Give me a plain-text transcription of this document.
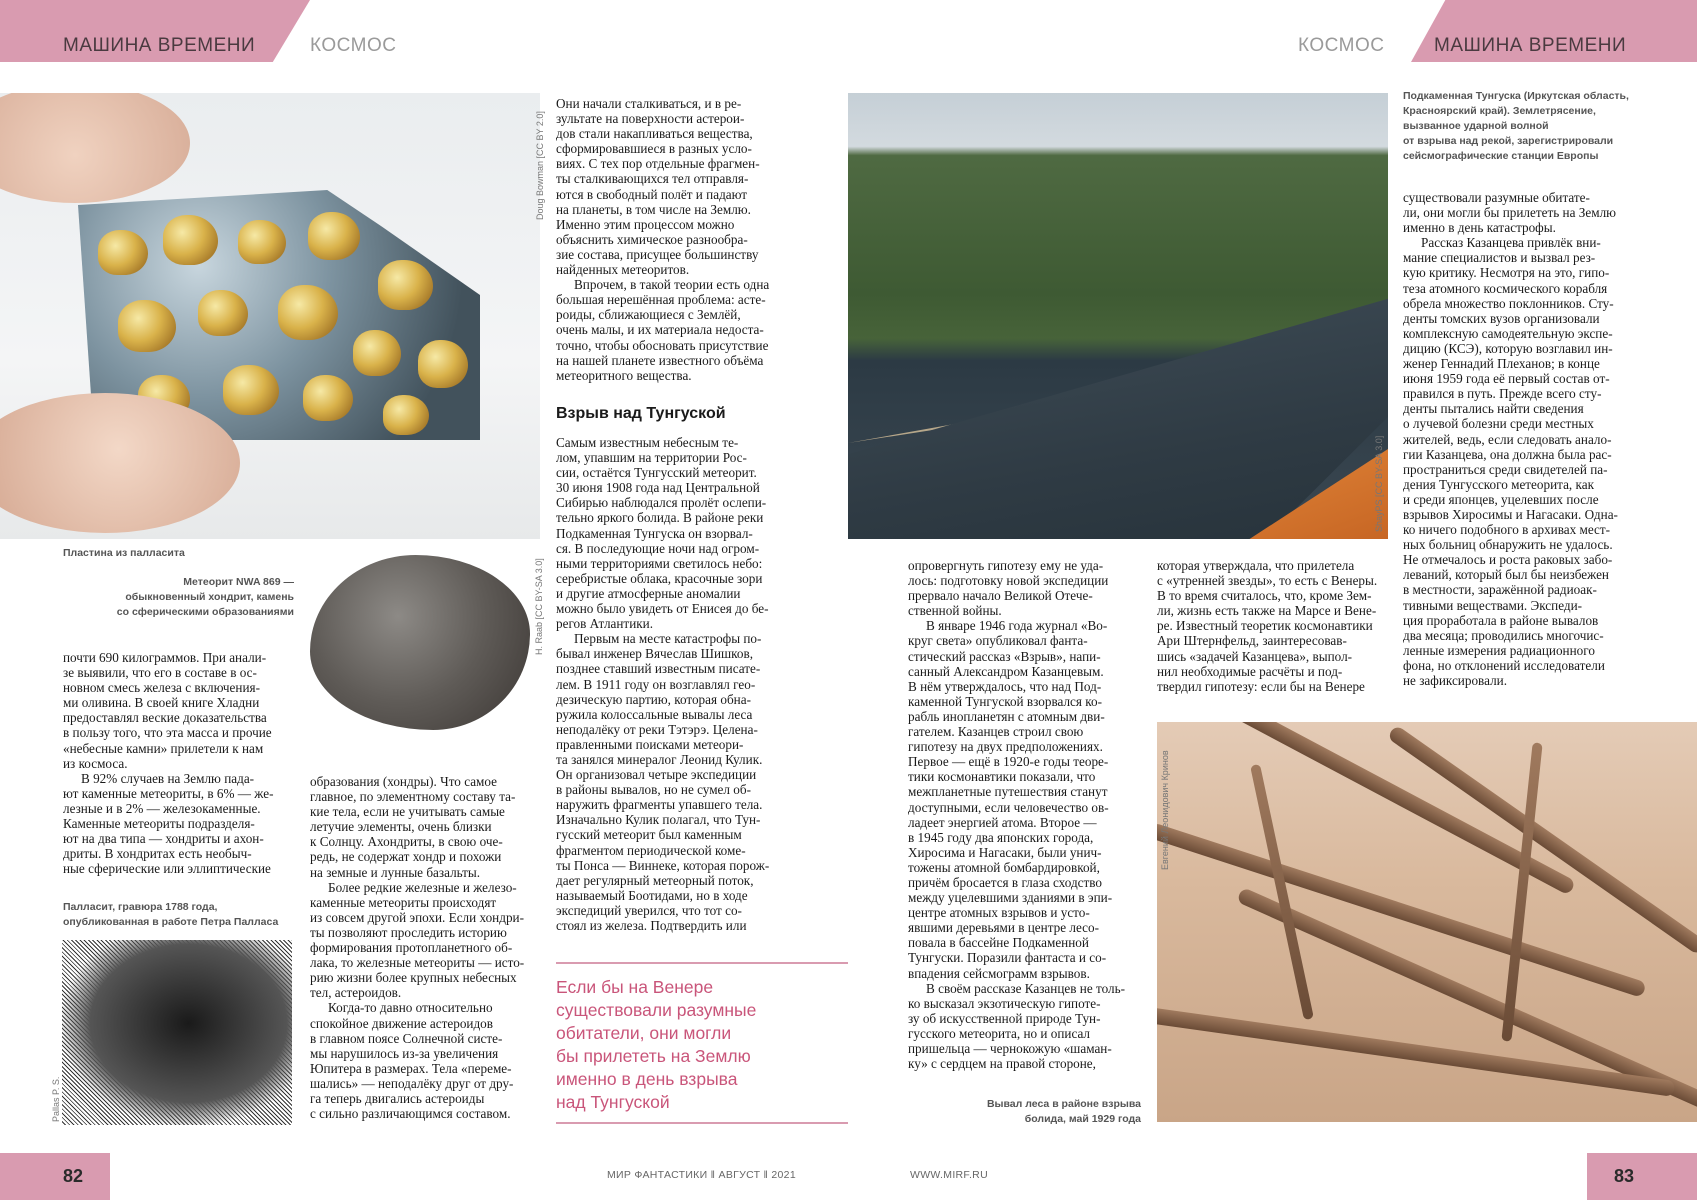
МАШИНА ВРЕМЕНИ	КОСМОС	КОСМОС	МАШИНА ВРЕМЕНИ
Doug Bowman [CC BY 2.0]
Пластина из палласита
Метеорит NWA 869 —
обыкновенный хондрит, камень
со сферическими образованиями	H. Raab [CC BY-SA 3.0]

почти 690 килограммов. При анали-

зе выявили, что его в составе в ос-

новном смесь железа с включения-

ми оливина. В своей книге Хладни

предоставлял веские доказательства

в пользу того, что эта масса и прочие

«небесные камни» прилетели к нам

из космоса.

В 92% случаев на Землю пада-

ют каменные метеориты, в 6% — же-

лезные и в 2% — железокаменные.

Каменные метеориты подразделя-

ют на два типа — хондриты и ахон-

дриты. В хондритах есть необыч-

ные сферические или эллиптические

Палласит, гравюра 1788 года,
опубликованная в работе Петра Палласа
Pallas P. S.

образования (хондры). Что самое

главное, по элементному составу та-

кие тела, если не учитывать самые

летучие элементы, очень близки

к Солнцу. Ахондриты, в свою оче-

редь, не содержат хондр и похожи

на земные и лунные базальты.

Более редкие железные и железо-

каменные метеориты происходят

из совсем другой эпохи. Если хондри-

ты позволяют проследить историю

формирования протопланетного об-

лака, то железные метеориты — исто-

рию жизни более крупных небесных

тел, астероидов.

Когда-то давно относительно

спокойное движение астероидов

в главном поясе Солнечной систе-

мы нарушилось из-за увеличения

Юпитера в размерах. Тела «переме-

шались» — неподалёку друг от дру-

га теперь двигались астероиды

с сильно различающимся составом.

Они начали сталкиваться, и в ре-

зультате на поверхности астерои-

дов стали накапливаться вещества,

сформировавшиеся в разных усло-

виях. С тех пор отдельные фрагмен-

ты сталкивающихся тел отправля-

ются в свободный полёт и падают

на планеты, в том числе на Землю.

Именно этим процессом можно

объяснить химическое разнообра-

зие состава, присущее большинству

найденных метеоритов.

Впрочем, в такой теории есть одна

большая нерешённая проблема: асте-

роиды, сближающиеся с Землёй,

очень малы, и их материала недоста-

точно, чтобы обосновать присутствие

на нашей планете известного объёма

метеоритного вещества.

Взрыв над Тунгуской

Самым известным небесным те-

лом, упавшим на территории Рос-

сии, остаётся Тунгусский метеорит.

30 июня 1908 года над Центральной

Сибирью наблюдался пролёт ослепи-

тельно яркого болида. В районе реки

Подкаменная Тунгуска он взорвал-

ся. В последующие ночи над огром-

ными территориями светилось небо:

серебристые облака, красочные зори

и другие атмосферные аномалии

можно было увидеть от Енисея до бе-

регов Атлантики.

Первым на месте катастрофы по-

бывал инженер Вячеслав Шишков,

позднее ставший известным писате-

лем. В 1911 году он возглавлял гео-

дезическую партию, которая обна-

ружила колоссальные вывалы леса

неподалёку от реки Тэтэрэ. Целена-

правленными поисками метеори-

та занялся минералог Леонид Кулик.

Он организовал четыре экспедиции

в районы вывалов, но не сумел об-

наружить фрагменты упавшего тела.

Изначально Кулик полагал, что Тун-

гусский метеорит был каменным

фрагментом периодической коме-

ты Понса — Виннеке, которая порож-

дает регулярный метеорный поток,

называемый Боотидами, но в ходе

экспедиций уверился, что тот со-

стоял из железа. Подтвердить или

Если бы на Венере
существовали разумные
обитатели, они могли
бы прилететь на Землю
именно в день взрыва
над Тунгуской
ShayPS [CC BY-SA 3.0]
Подкаменная Тунгуска (Иркутская область,
Красноярский край). Землетрясение,
вызванное ударной волной
от взрыва над рекой, зарегистрировали
сейсмографические станции Европы

существовали разумные обитате-

ли, они могли бы прилететь на Землю

именно в день катастрофы.

Рассказ Казанцева привлёк вни-

мание специалистов и вызвал рез-

кую критику. Несмотря на это, гипо-

теза атомного космического корабля

обрела множество поклонников. Сту-

денты томских вузов организовали

комплексную самодеятельную экспе-

дицию (КСЭ), которую возглавил ин-

женер Геннадий Плеханов; в конце

июня 1959 года её первый состав от-

правился в путь. Прежде всего сту-

денты пытались найти сведения

о лучевой болезни среди местных

жителей, ведь, если следовать анало-

гии Казанцева, она должна была рас-

пространиться среди свидетелей па-

дения Тунгусского метеорита, как

и среди японцев, уцелевших после

взрывов Хиросимы и Нагасаки. Одна-

ко ничего подобного в архивах мест-

ных больниц обнаружить не удалось.

Не отмечалось и роста раковых забо-

леваний, который был бы неизбежен

в местности, заражённой радиоак-

тивными веществами. Экспеди-

ция проработала в районе вывалов

два месяца; проводились многочис-

ленные измерения радиационного

фона, но отклонений исследователи

не зафиксировали.

опровергнуть гипотезу ему не уда-

лось: подготовку новой экспедиции

прервало начало Великой Отече-

ственной войны.

В январе 1946 года журнал «Во-

круг света» опубликовал фанта-

стический рассказ «Взрыв», напи-

санный Александром Казанцевым.

В нём утверждалось, что над Под-

каменной Тунгуской взорвался ко-

рабль инопланетян с атомным дви-

гателем. Казанцев строил свою

гипотезу на двух предположениях.

Первое — ещё в 1920-е годы теоре-

тики космонавтики показали, что

межпланетные путешествия станут

доступными, если человечество ов-

ладеет энергией атома. Второе —

в 1945 году два японских города,

Хиросима и Нагасаки, были унич-

тожены атомной бомбардировкой,

причём бросается в глаза сходство

между уцелевшими зданиями в эпи-

центре атомных взрывов и усто-

явшими деревьями в центре лесо-

повала в бассейне Подкаменной

Тунгуски. Поразили фантаста и со-

впадения сейсмограмм взрывов.

В своём рассказе Казанцев не толь-

ко высказал экзотическую гипоте-

зу об искусственной природе Тун-

гусского метеорита, но и описал

пришельца — чернокожую «шаман-

ку» с сердцем на правой стороне,

которая утверждала, что прилетела

с «утренней звезды», то есть с Венеры.

В то время считалось, что, кроме Зем-

ли, жизнь есть также на Марсе и Вене-

ре. Известный теоретик космонавтики

Ари Штернфельд, заинтересовав-

шись «задачей Казанцева», выпол-

нил необходимые расчёты и под-

твердил гипотезу: если бы на Венере

Евгений Леонидович Кринов
Вывал леса в районе взрыва
болида, май 1929 года
82	83
МИР ФАНТАСТИКИ ‖ АВГУСТ ‖ 2021	WWW.MIRF.RU
